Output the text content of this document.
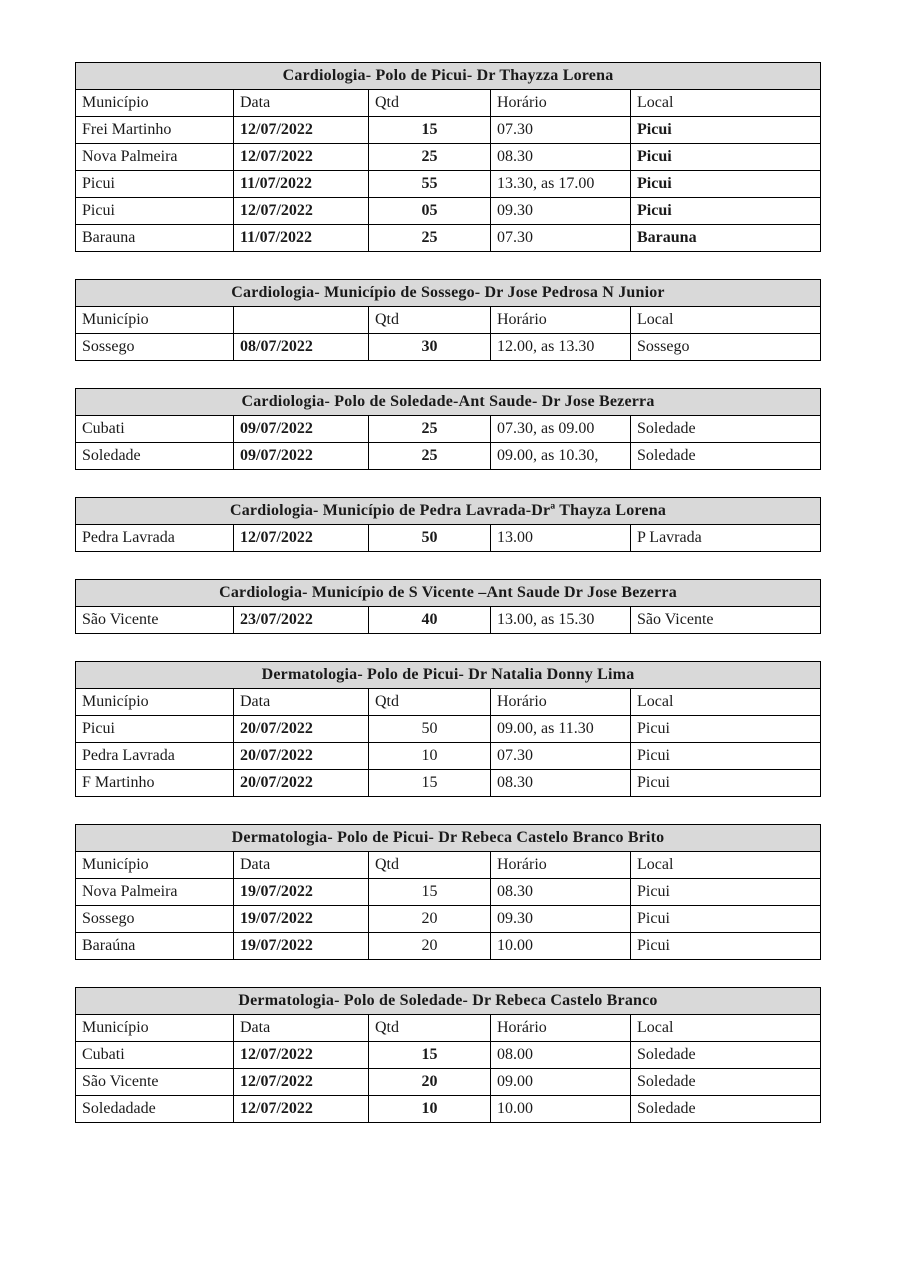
Cardiologia- Polo de Picui- Dr Thayzza Lorena				
Município	Data	Qtd	Horário	Local
Frei Martinho	12/07/2022	15	07.30	Picui
Nova Palmeira	12/07/2022	25	08.30	Picui
Picui	11/07/2022	55	13.30, as 17.00	Picui
Picui	12/07/2022	05	09.30	Picui
Barauna	11/07/2022	25	07.30	Barauna
Cardiologia- Município de Sossego- Dr Jose Pedrosa N Junior				
Município		Qtd	Horário	Local
Sossego	08/07/2022	30	12.00, as 13.30	Sossego
Cardiologia- Polo de Soledade-Ant Saude- Dr Jose Bezerra				
Cubati	09/07/2022	25	07.30, as 09.00	Soledade
Soledade	09/07/2022	25	09.00, as 10.30,	Soledade
Cardiologia- Município de Pedra Lavrada-Drª Thayza Lorena
Pedra Lavrada	12/07/2022	50	13.00	P Lavrada
Cardiologia- Município de S Vicente –Ant Saude Dr Jose Bezerra
São Vicente	23/07/2022	40	13.00, as 15.30	São Vicente
Dermatologia- Polo de Picui- Dr Natalia Donny Lima				
Município	Data	Qtd	Horário	Local
Picui	20/07/2022	50	09.00, as 11.30	Picui
Pedra Lavrada	20/07/2022	10	07.30	Picui
F Martinho	20/07/2022	15	08.30	Picui
Dermatologia- Polo de Picui- Dr Rebeca Castelo Branco Brito				
Município	Data	Qtd	Horário	Local
Nova Palmeira	19/07/2022	15	08.30	Picui
Sossego	19/07/2022	20	09.30	Picui
Baraúna	19/07/2022	20	10.00	Picui
Dermatologia- Polo de Soledade- Dr Rebeca Castelo Branco				
Município	Data	Qtd	Horário	Local
Cubati	12/07/2022	15	08.00	Soledade
São Vicente	12/07/2022	20	09.00	Soledade
Soledadade	12/07/2022	10	10.00	Soledade
